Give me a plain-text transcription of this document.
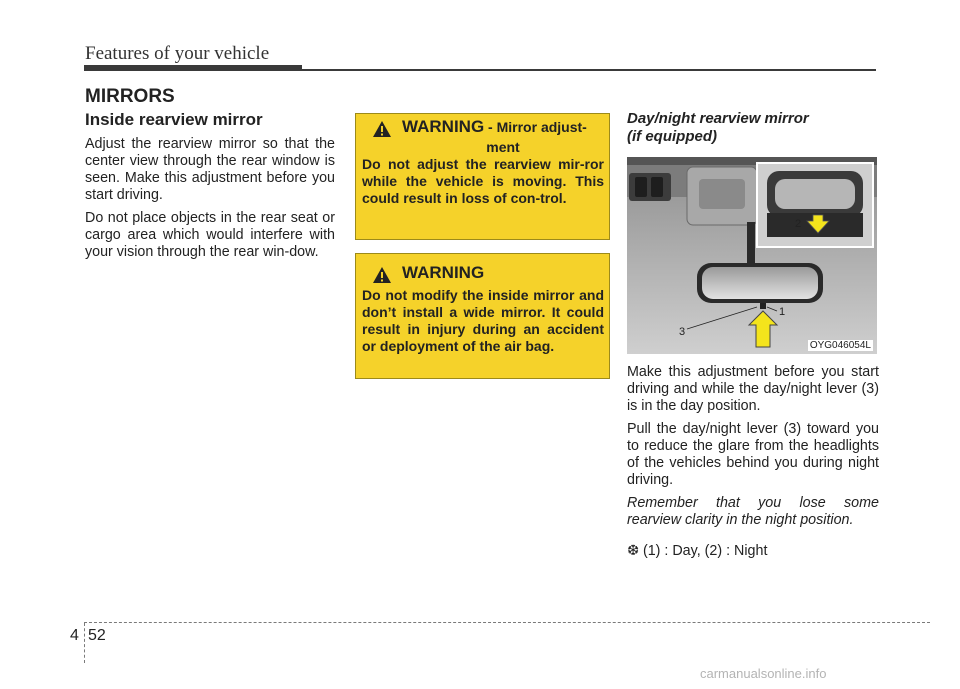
Features of your vehicle
MIRRORS
Inside rearview mirror

Adjust the rearview mirror so that the center view through the rear window is seen. Make this adjustment before you start driving.

Do not place objects in the rear seat or cargo area which would interfere with your vision through the rear win-dow.

WARNING - Mirror adjust-
ment
Do not adjust the rearview mir-ror while the vehicle is moving. This could result in loss of con-trol.
WARNING
Do not modify the inside mirror and don’t install a wide mirror. It could result in injury during an accident or deployment of the air bag.
Day/night rearview mirror
(if equipped)
2
1
3
OYG046054L

Make this adjustment before you start driving and while the day/night lever (3) is in the day position.

Pull the day/night lever (3) toward you to reduce the glare from the headlights of the vehicles behind you during night driving.

Remember that you lose some rearview clarity in the night position.

❆ (1) : Day, (2) : Night
4 52
carmanualsonline.info
